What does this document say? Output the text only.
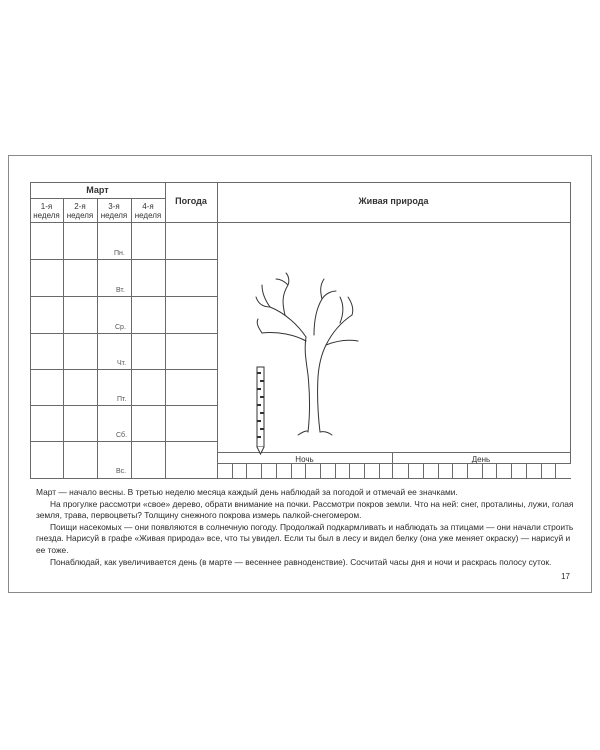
Март
1-я неделя
2-я неделя
3-я неделя
4-я неделя
Погода	Живая природа
Пн.
Вт.
Ср.
Чт.
Пт.
Сб.
Вс.
Ночь	День

Март — начало весны. В третью неделю месяца каждый день наблюдай за погодой и отмечай ее значками.

На прогулке рассмотри «свое» дерево, обрати внимание на почки. Рассмотри покров земли. Что на ней: снег, проталины, лужи, голая земля, трава, первоцветы? Толщину снежного покрова измерь палкой-снегомером.

Поищи насекомых — они появляются в солнечную погоду. Продолжай подкармливать и наблюдать за птицами — они начали строить гнезда. Нарисуй в графе «Живая природа» все, что ты увидел. Если ты был в лесу и видел белку (она уже меняет окраску) — нарисуй и ее тоже.

Понаблюдай, как увеличивается день (в марте — весеннее равноденствие). Сосчитай часы дня и ночи и раскрась полосу суток.

17
